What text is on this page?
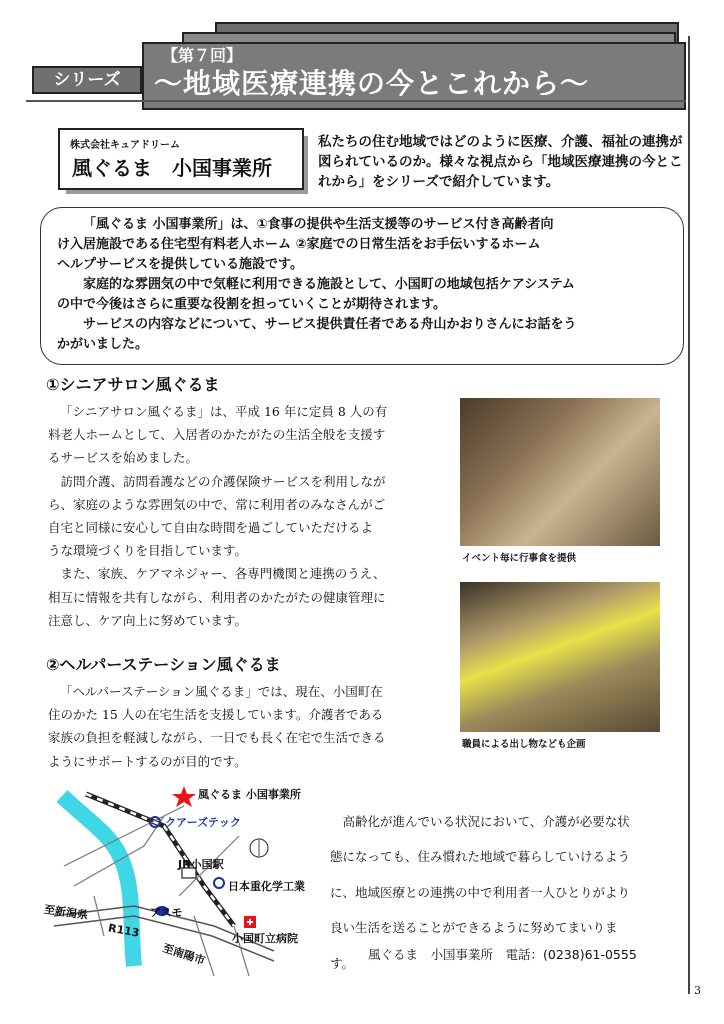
【第７回】
～地域医療連携の今とこれから～
シリーズ
株式会社キュアドリーム
風ぐるま　小国事業所
私たちの住む地域ではどのように医療、介護、福祉の連携が図られているのか。様々な視点から「地域医療連携の今とこれから」をシリーズで紹介しています。

「風ぐるま 小国事業所」は、①食事の提供や生活支援等のサービス付き高齢者向

け入居施設である住宅型有料老人ホーム ②家庭での日常生活をお手伝いするホーム

ヘルプサービスを提供している施設です。

家庭的な雰囲気の中で気軽に利用できる施設として、小国町の地域包括ケアシステム

の中で今後はさらに重要な役割を担っていくことが期待されます。

サービスの内容などについて、サービス提供責任者である舟山かおりさんにお話をう

かがいました。

①シニアサロン風ぐるま

「シニアサロン風ぐるま」は、平成 16 年に定員 8 人の有

料老人ホームとして、入居者のかたがたの生活全般を支援す

るサービスを始めました。

　訪問介護、訪問看護などの介護保険サービスを利用しなが

ら、家庭のような雰囲気の中で、常に利用者のみなさんがご

自宅と同様に安心して自由な時間を過ごしていただけるよ

うな環境づくりを目指しています。

　また、家族、ケアマネジャー、各専門機関と連携のうえ、

相互に情報を共有しながら、利用者のかたがたの健康管理に

注意し、ケア向上に努めています。

イベント毎に行事食を提供
②ヘルパーステーション風ぐるま

「ヘルパーステーション風ぐるま」では、現在、小国町在

住のかた 15 人の在宅生活を支援しています。介護者である

家族の負担を軽減しながら、一日でも長く在宅で生活できる

ようにサポートするのが目的です。

職員による出し物なども企画
風ぐるま 小国事業所
クアーズテック
JR小国駅
日本重化学工業
アスモ
小国町立病院
至新潟県
R113
至南陽市

　高齢化が進んでいる状況において、介護が必要な状

態になっても、住み慣れた地域で暮らしていけるよう

に、地域医療との連携の中で利用者一人ひとりがより

良い生活を送ることができるように努めてまいりま

す。

風ぐるま　小国事業所　電話：(0238)61-0555
3
